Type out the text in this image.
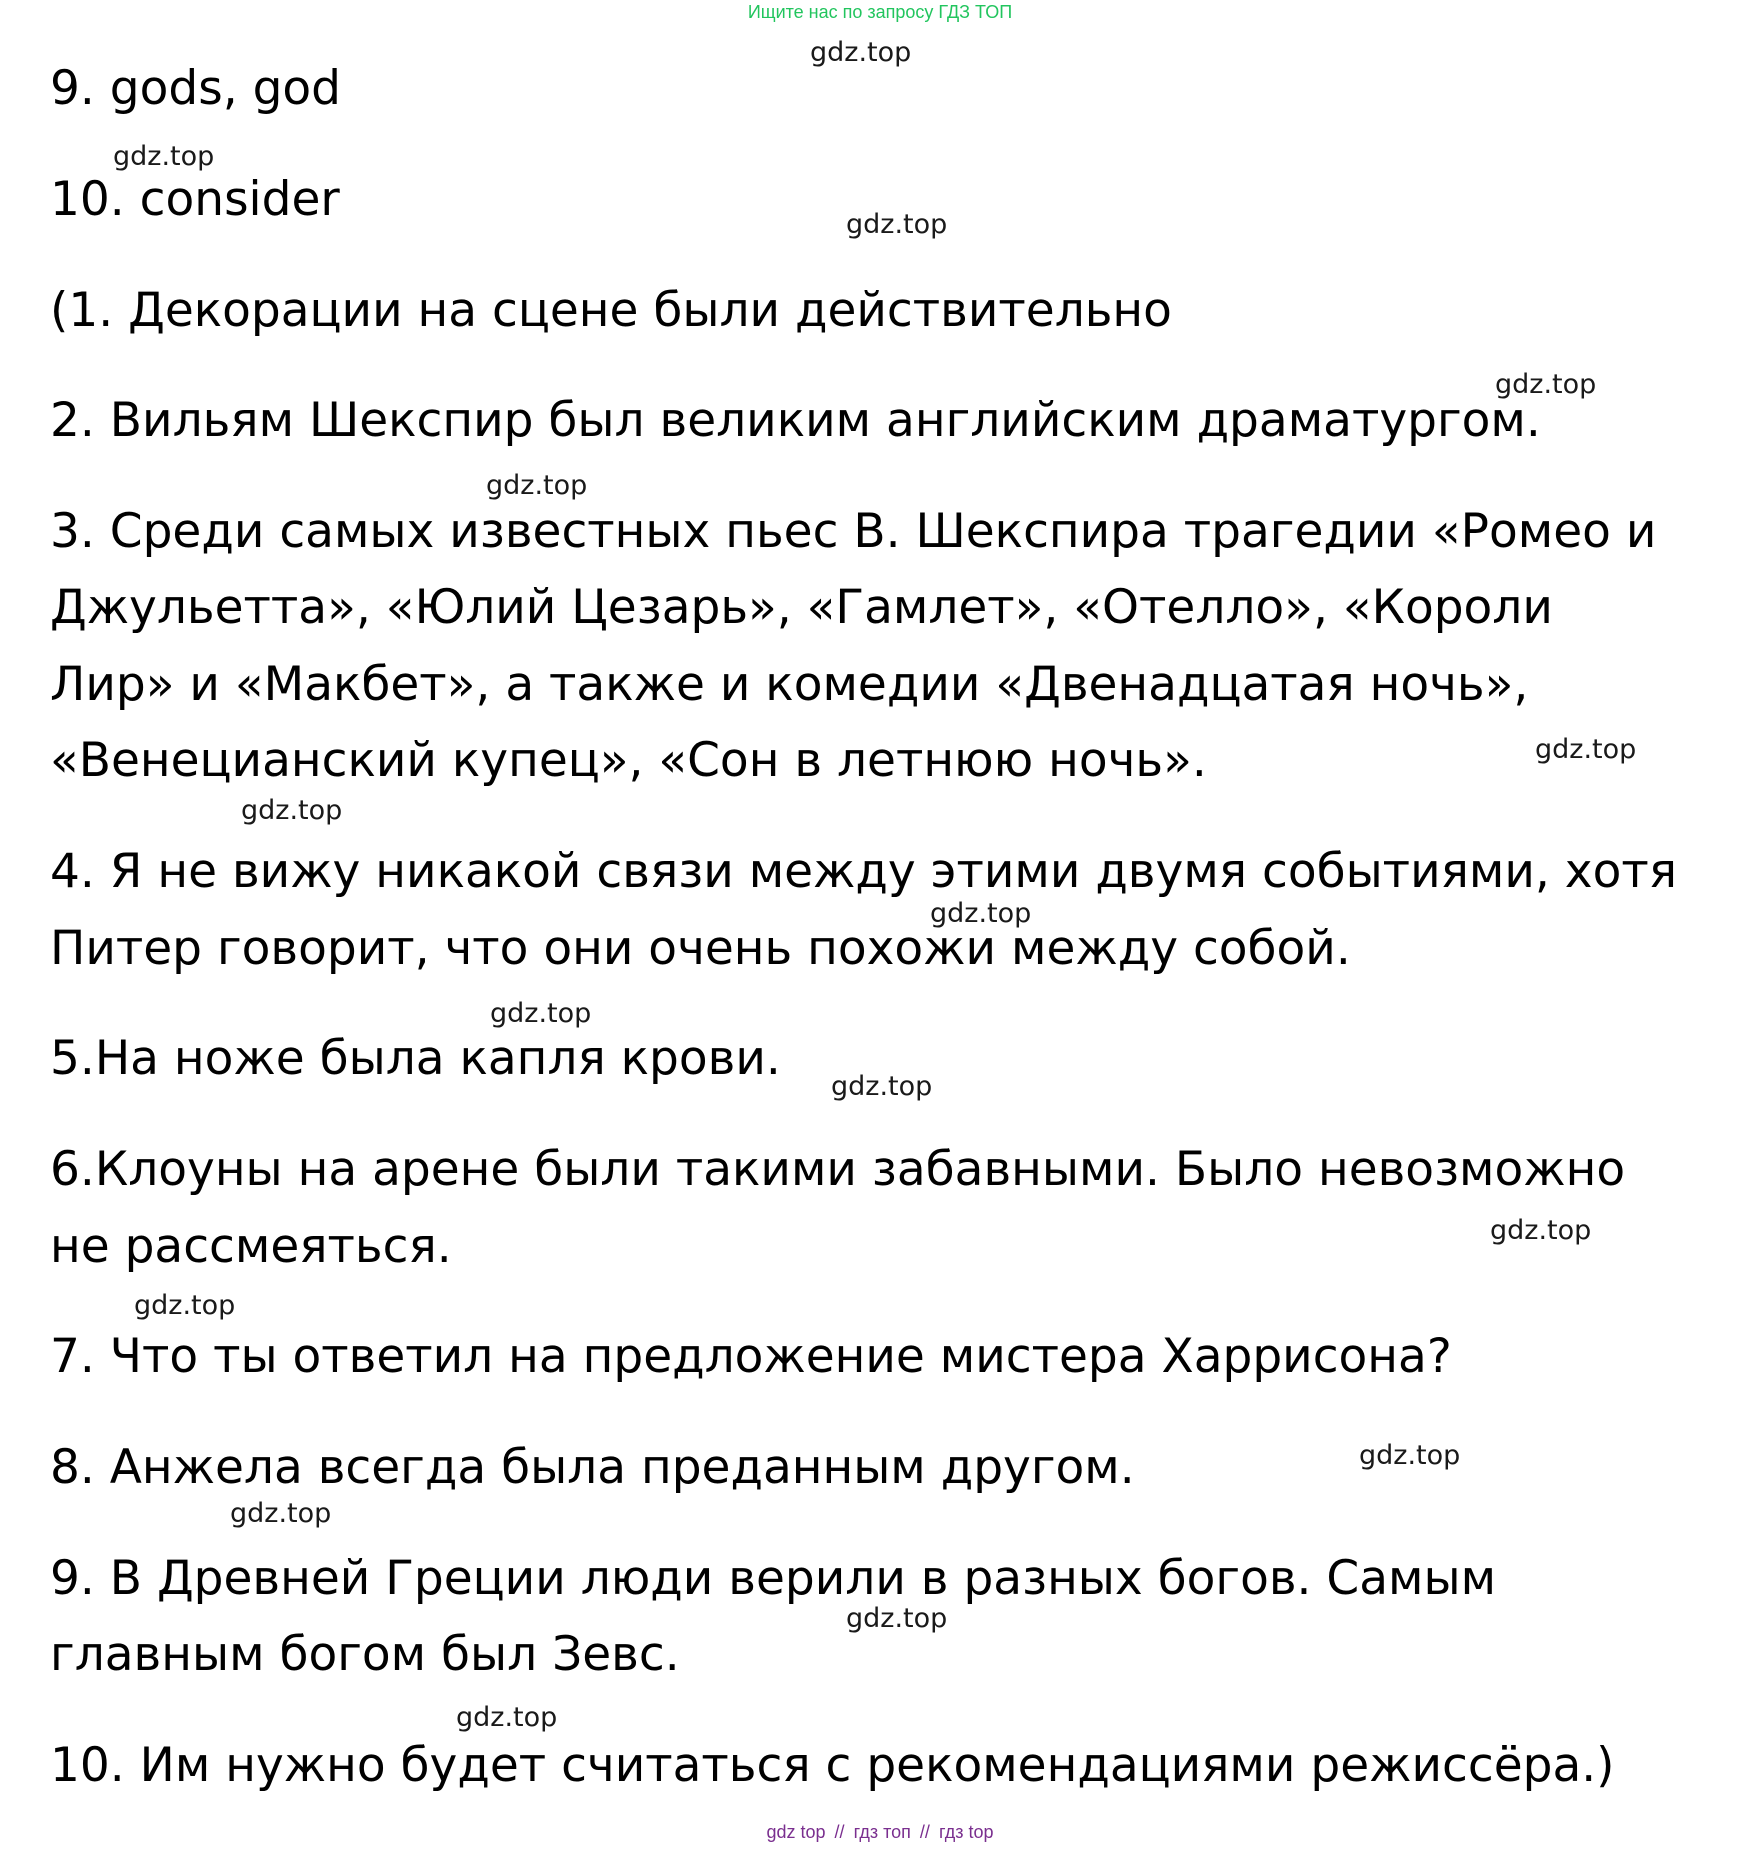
Ищите нас по запросу ГДЗ ТОП
9. gods, god
10. consider
(1. Декорации на сцене были действительно
2. Вильям Шекспир был великим английским драматургом.
3. Среди самых известных пьес В. Шекспира трагедии «Ромео и
Джульетта», «Юлий Цезарь», «Гамлет», «Отелло», «Короли
Лир» и «Макбет», а также и комедии «Двенадцатая ночь»,
«Венецианский купец», «Сон в летнюю ночь».
4. Я не вижу никакой связи между этими двумя событиями, хотя
Питер говорит, что они очень похожи между собой.
5.На ноже была капля крови.
6.Клоуны на арене были такими забавными. Было невозможно
не рассмеяться.
7. Что ты ответил на предложение мистера Харрисона?
8. Анжела всегда была преданным другом.
9. В Древней Греции люди верили в разных богов. Самым
главным богом был Зевс.
10. Им нужно будет считаться с рекомендациями режиссёра.)
gdz.top
gdz.top
gdz.top
gdz.top
gdz.top
gdz.top
gdz.top
gdz.top
gdz.top
gdz.top
gdz.top
gdz.top
gdz.top
gdz.top
gdz.top
gdz.top
gdz top // гдз топ // гдз top
